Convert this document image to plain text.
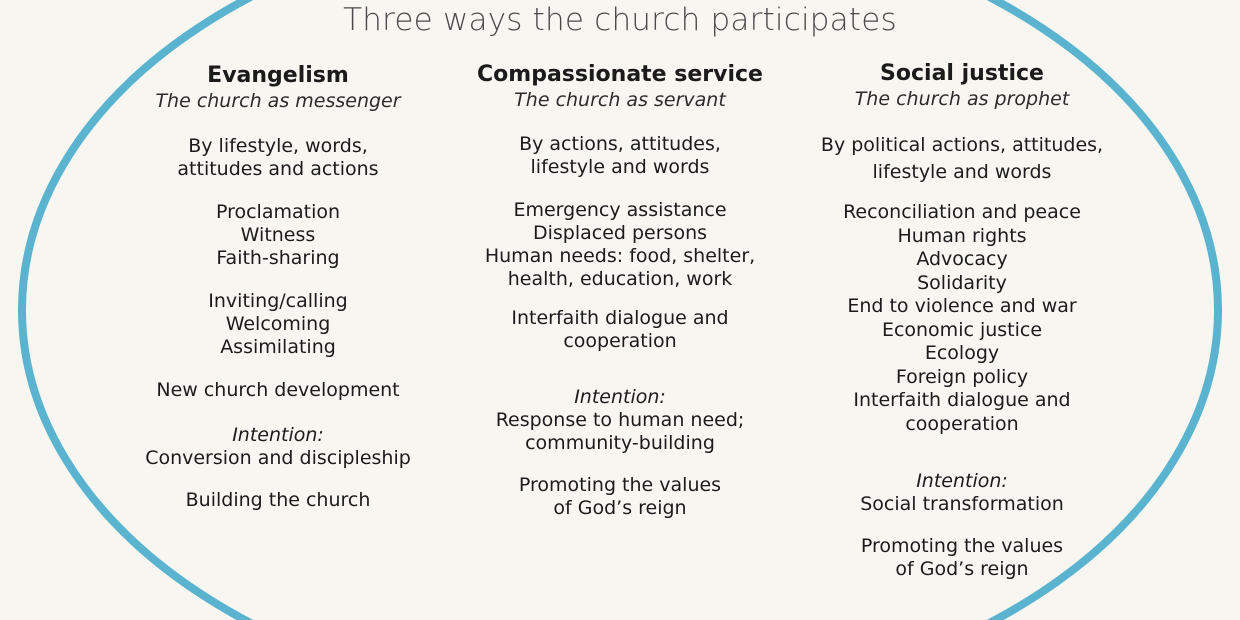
Three ways the church participates
Evangelism
The church as messenger
By lifestyle, words,
attitudes and actions
Proclamation
Witness
Faith-sharing
Inviting/calling
Welcoming
Assimilating
New church development
Intention:
Conversion and discipleship
Building the church
Compassionate service
The church as servant
By actions, attitudes,
lifestyle and words
Emergency assistance
Displaced persons
Human needs: food, shelter,
health, education, work
Interfaith dialogue and
cooperation
Intention:
Response to human need;
community-building
Promoting the values
of God’s reign
Social justice
The church as prophet
By political actions, attitudes,
lifestyle and words
Reconciliation and peace
Human rights
Advocacy
Solidarity
End to violence and war
Economic justice
Ecology
Foreign policy
Interfaith dialogue and
cooperation
Intention:
Social transformation
Promoting the values
of God’s reign
